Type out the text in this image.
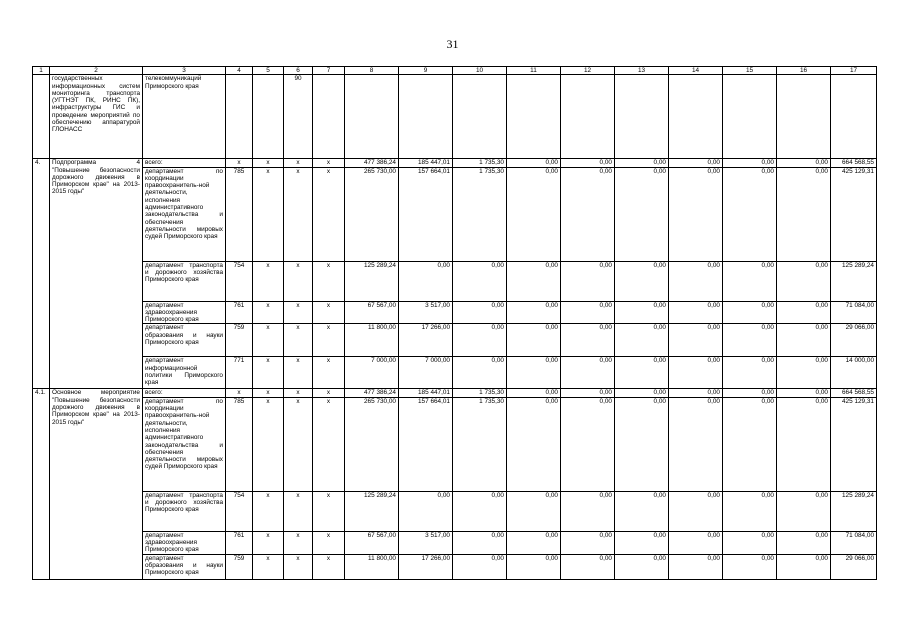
31
1	2	3	4	5	6	7	8	9	10	11	12	13	14	15	16	17
	государственных информационных систем мониторинга транспорта (УГТНЭТ ПК, РИНС ПК), инфраструктуры ГИС и проведение мероприятий по обеспечению аппаратурой ГЛОНАСС	телекоммуникаций Приморского края			90											
4.	Подпрограмма 4 "Повышение безопасности дорожного движения в Приморском крае" на 2013-2015 годы"	всего:	x	x	x	x	477 386,24	185 447,01	1 735,30	0,00	0,00	0,00	0,00	0,00	0,00	664 568,55
		департамент по координации правоохранитель-ной деятельности, исполнения административного законодательства и обеспечения деятельности мировых судей Приморского края	785	x	x	x	265 730,00	157 664,01	1 735,30	0,00	0,00	0,00	0,00	0,00	0,00	425 129,31
		департамент транспорта и дорожного хозяйства Приморского края	754	x	x	x	125 289,24	0,00	0,00	0,00	0,00	0,00	0,00	0,00	0,00	125 289,24
		департамент здравоохранения Приморского края	761	x	x	x	67 567,00	3 517,00	0,00	0,00	0,00	0,00	0,00	0,00	0,00	71 084,00
		департамент образования и науки Приморского края	759	x	x	x	11 800,00	17 266,00	0,00	0,00	0,00	0,00	0,00	0,00	0,00	29 066,00
		департамент информационной политики Приморского края	771	x	x	x	7 000,00	7 000,00	0,00	0,00	0,00	0,00	0,00	0,00	0,00	14 000,00
4.1.	Основное мероприятие "Повышение безопасности дорожного движения в Приморском крае" на 2013-2015 годы"	всего:	x	x	x	x	477 386,24	185 447,01	1 735,30	0,00	0,00	0,00	0,00	0,00	0,00	664 568,55
		департамент по координации правоохранитель-ной деятельности, исполнения административного законодательства и обеспечения деятельности мировых судей Приморского края	785	x	x	x	265 730,00	157 664,01	1 735,30	0,00	0,00	0,00	0,00	0,00	0,00	425 129,31
		департамент транспорта и дорожного хозяйства Приморского края	754	x	x	x	125 289,24	0,00	0,00	0,00	0,00	0,00	0,00	0,00	0,00	125 289,24
		департамент здравоохранения Приморского края	761	x	x	x	67 567,00	3 517,00	0,00	0,00	0,00	0,00	0,00	0,00	0,00	71 084,00
		департамент образования и науки Приморского края	759	x	x	x	11 800,00	17 266,00	0,00	0,00	0,00	0,00	0,00	0,00	0,00	29 066,00
